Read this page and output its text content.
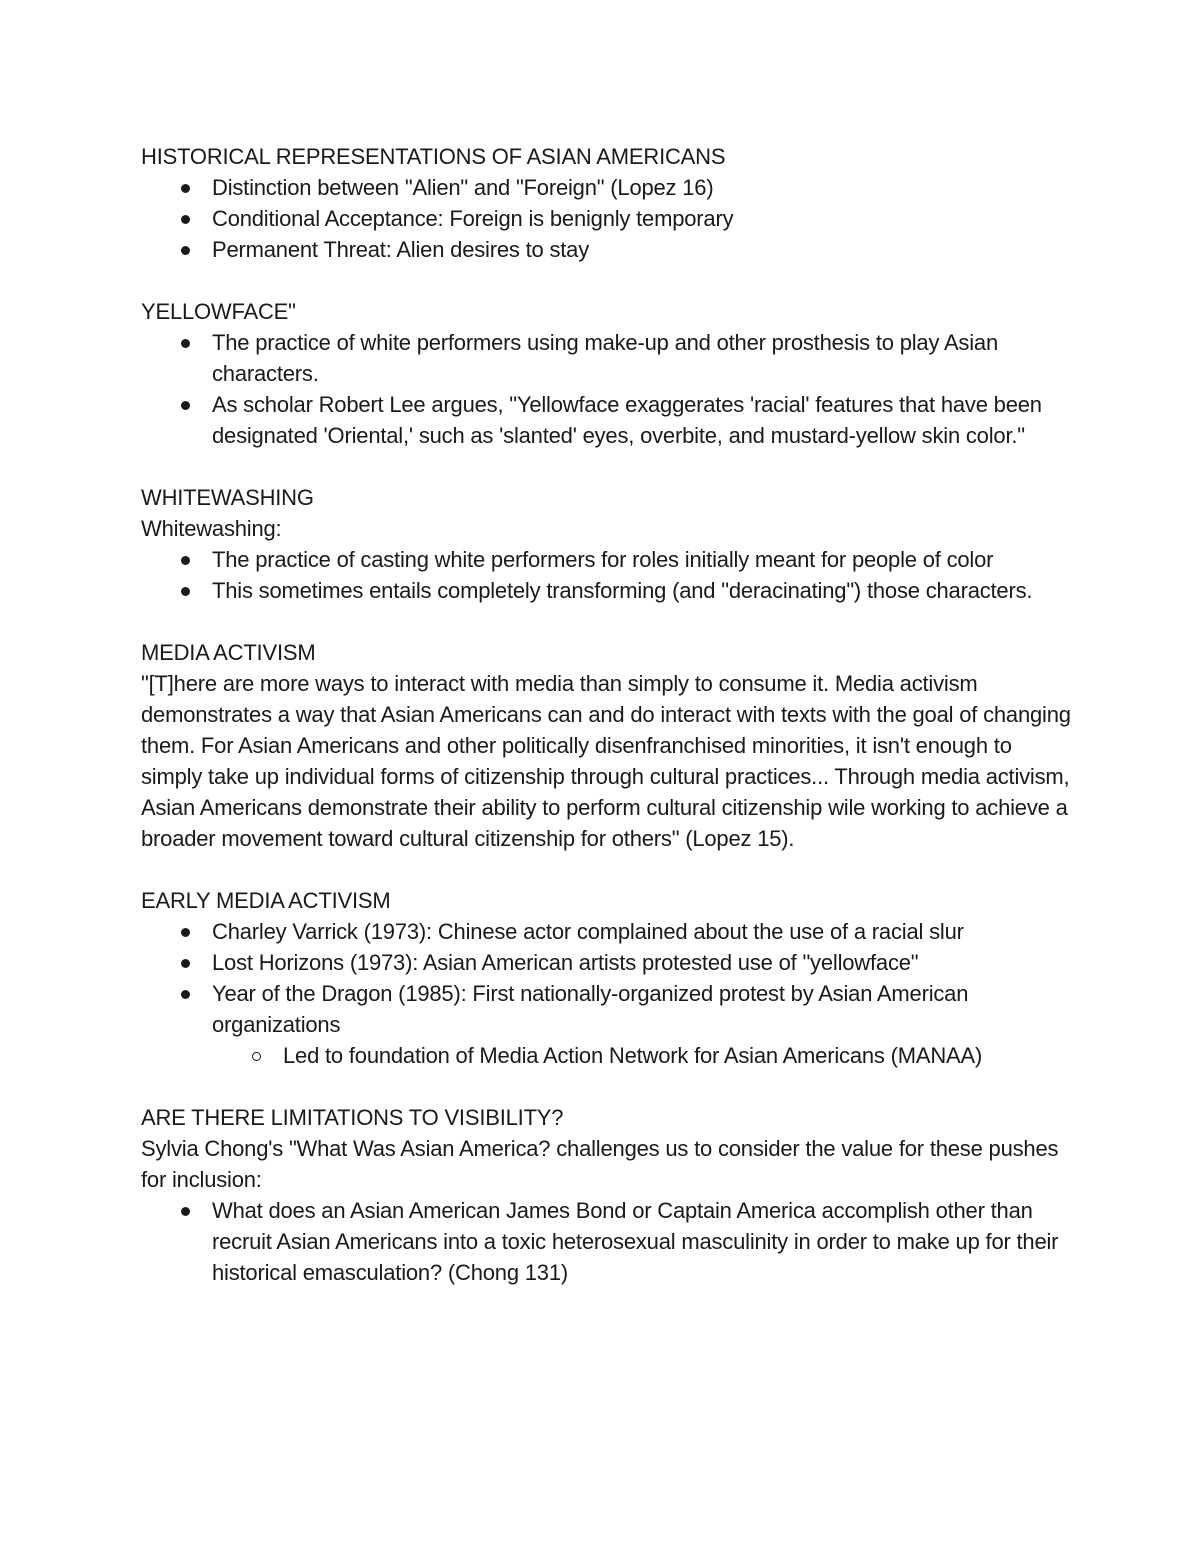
HISTORICAL REPRESENTATIONS OF ASIAN AMERICANS

Distinction between "Alien" and "Foreign" (Lopez 16)
Conditional Acceptance: Foreign is benignly temporary
Permanent Threat: Alien desires to stay

YELLOWFACE"

The practice of white performers using make-up and other prosthesis to play Asian characters.
As scholar Robert Lee argues, "Yellowface exaggerates 'racial' features that have been designated 'Oriental,' such as 'slanted' eyes, overbite, and mustard-yellow skin color."

WHITEWASHING

Whitewashing:

The practice of casting white performers for roles initially meant for people of color
This sometimes entails completely transforming (and "deracinating") those characters.

MEDIA ACTIVISM

"[T]here are more ways to interact with media than simply to consume it. Media activism demonstrates a way that Asian Americans can and do interact with texts with the goal of changing them. For Asian Americans and other politically disenfranchised minorities, it isn't enough to simply take up individual forms of citizenship through cultural practices... Through media activism, Asian Americans demonstrate their ability to perform cultural citizenship wile working to achieve a broader movement toward cultural citizenship for others" (Lopez 15).

EARLY MEDIA ACTIVISM

Charley Varrick (1973): Chinese actor complained about the use of a racial slur
Lost Horizons (1973): Asian American artists protested use of "yellowface"
Year of the Dragon (1985): First nationally-organized protest by Asian American organizations
Led to foundation of Media Action Network for Asian Americans (MANAA)

ARE THERE LIMITATIONS TO VISIBILITY?

Sylvia Chong's "What Was Asian America? challenges us to consider the value for these pushes for inclusion:

What does an Asian American James Bond or Captain America accomplish other than recruit Asian Americans into a toxic heterosexual masculinity in order to make up for their historical emasculation? (Chong 131)
